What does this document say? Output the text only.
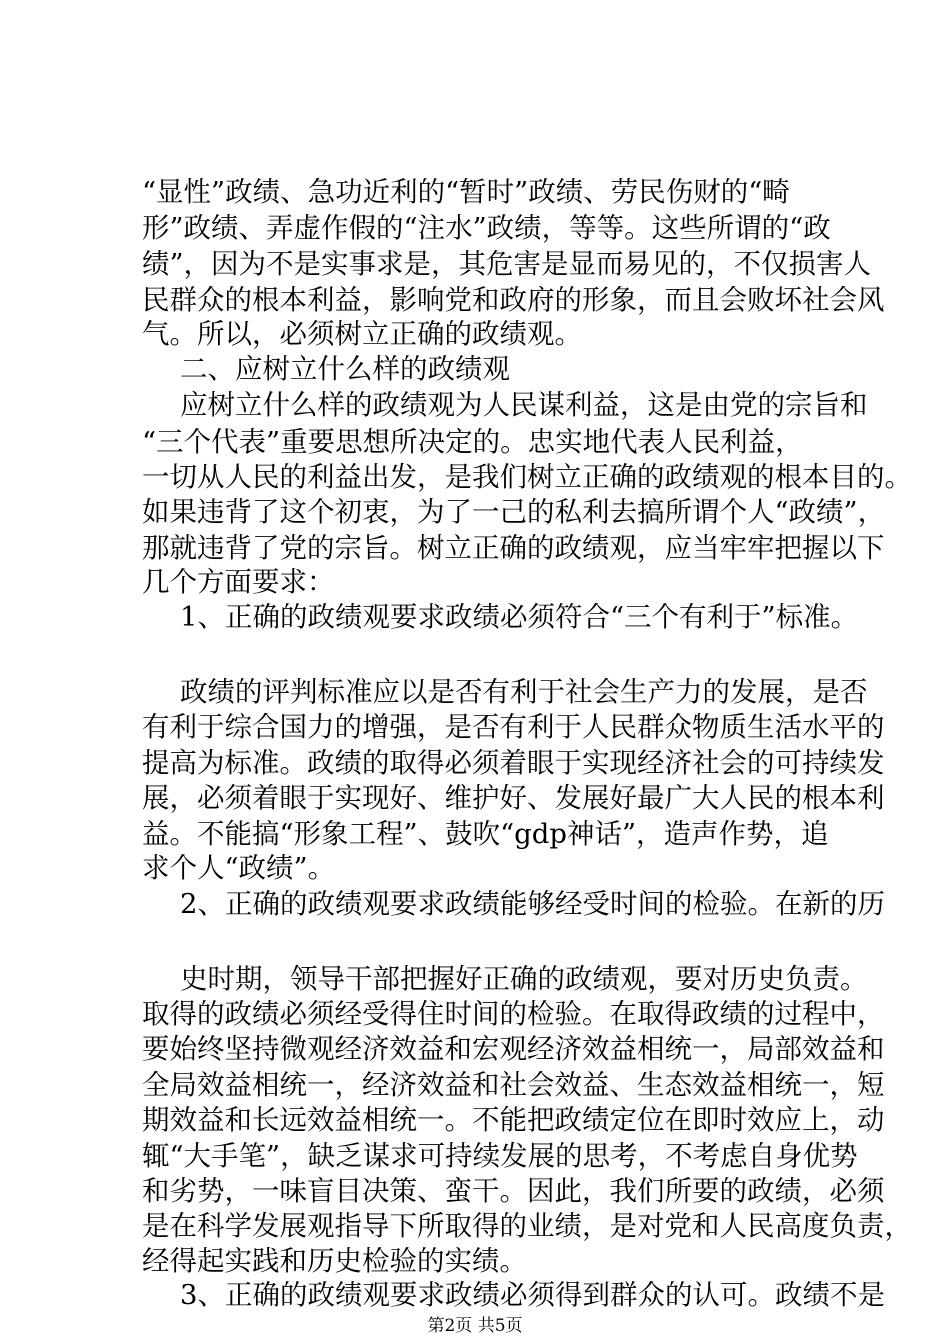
“显性”政绩、急功近利的“暂时”政绩、劳民伤财的“畸
形”政绩、弄虚作假的“注水”政绩，等等。这些所谓的“政
绩”，因为不是实事求是，其危害是显而易见的，不仅损害人
民群众的根本利益，影响党和政府的形象，而且会败坏社会风
气。所以，必须树立正确的政绩观。
二、应树立什么样的政绩观
应树立什么样的政绩观为人民谋利益，这是由党的宗旨和
“三个代表”重要思想所决定的。忠实地代表人民利益，
一切从人民的利益出发，是我们树立正确的政绩观的根本目的。
如果违背了这个初衷，为了一己的私利去搞所谓个人“政绩”，
那就违背了党的宗旨。树立正确的政绩观，应当牢牢把握以下
几个方面要求：
1、正确的政绩观要求政绩必须符合“三个有利于”标准。
政绩的评判标准应以是否有利于社会生产力的发展，是否
有利于综合国力的增强，是否有利于人民群众物质生活水平的
提高为标准。政绩的取得必须着眼于实现经济社会的可持续发
展，必须着眼于实现好、维护好、发展好最广大人民的根本利
益。不能搞“形象工程”、鼓吹“gdp神话”，造声作势，追
求个人“政绩”。
2、正确的政绩观要求政绩能够经受时间的检验。在新的历
史时期，领导干部把握好正确的政绩观，要对历史负责。
取得的政绩必须经受得住时间的检验。在取得政绩的过程中，
要始终坚持微观经济效益和宏观经济效益相统一，局部效益和
全局效益相统一，经济效益和社会效益、生态效益相统一，短
期效益和长远效益相统一。不能把政绩定位在即时效应上，动
辄“大手笔”，缺乏谋求可持续发展的思考，不考虑自身优势
和劣势，一味盲目决策、蛮干。因此，我们所要的政绩，必须
是在科学发展观指导下所取得的业绩，是对党和人民高度负责，
经得起实践和历史检验的实绩。
第2页 共5页
3、正确的政绩观要求政绩必须得到群众的认可。政绩不是
